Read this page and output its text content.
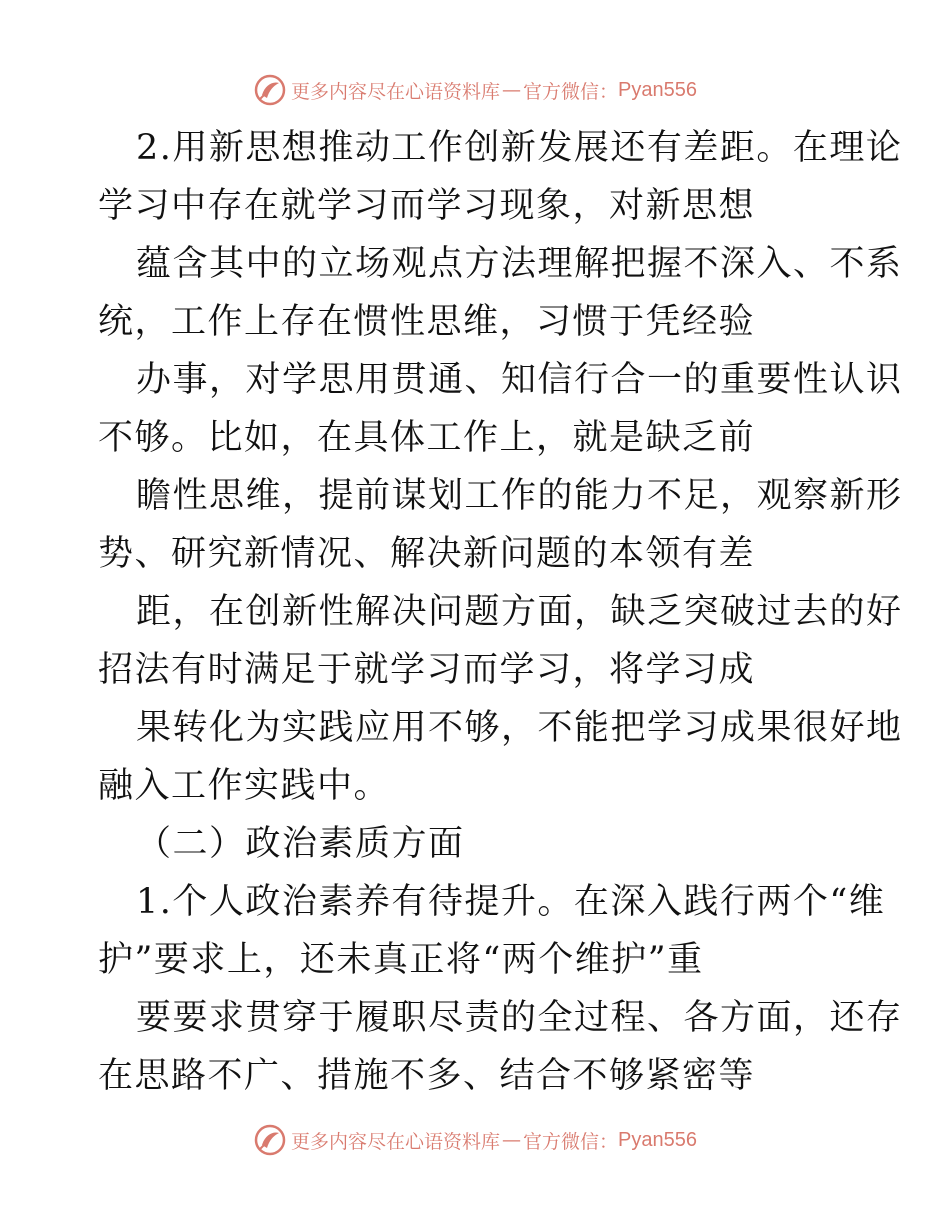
更多内容尽在心语资料库 — 官方微信： Pyan556
2.用新思想推动工作创新发展还有差距。在理论
学习中存在就学习而学习现象，对新思想
蕴含其中的立场观点方法理解把握不深入、不系
统，工作上存在惯性思维，习惯于凭经验
办事，对学思用贯通、知信行合一的重要性认识
不够。比如，在具体工作上，就是缺乏前
瞻性思维，提前谋划工作的能力不足，观察新形
势、研究新情况、解决新问题的本领有差
距，在创新性解决问题方面，缺乏突破过去的好
招法有时满足于就学习而学习，将学习成
果转化为实践应用不够，不能把学习成果很好地
融入工作实践中。
（二）政治素质方面
1.个人政治素养有待提升。在深入践行两个“维
护”要求上，还未真正将“两个维护”重
要要求贯穿于履职尽责的全过程、各方面，还存
在思路不广、措施不多、结合不够紧密等
更多内容尽在心语资料库 — 官方微信： Pyan556
